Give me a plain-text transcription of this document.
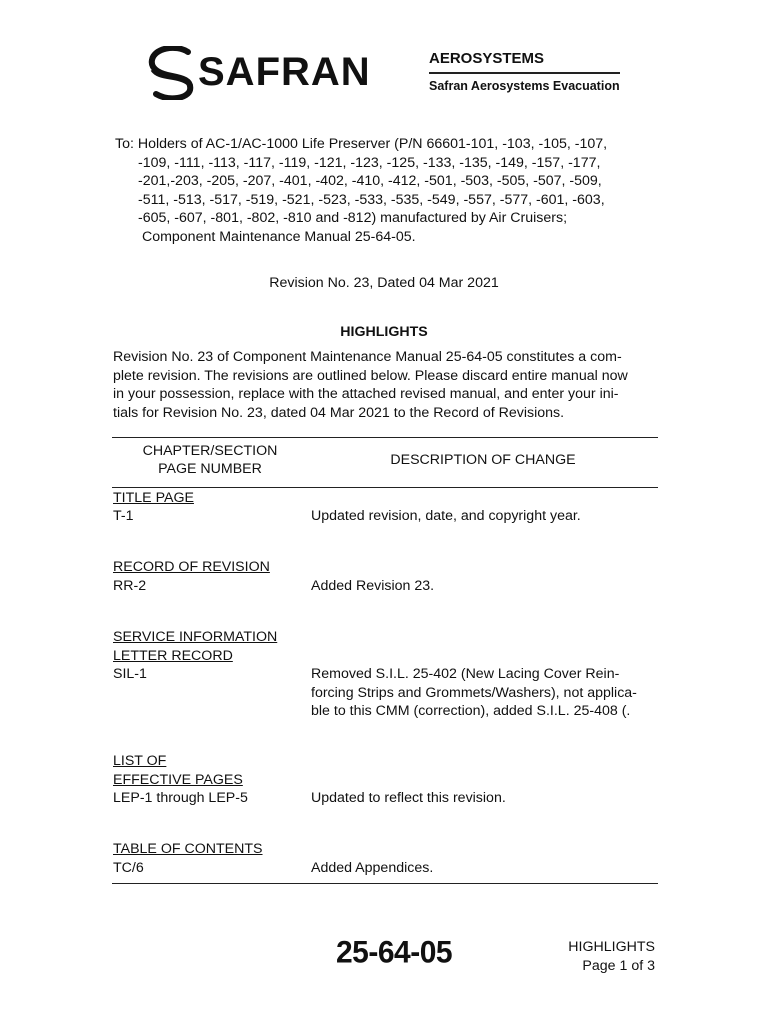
SAFRAN	AEROSYSTEMS
Safran Aerosystems Evacuation
To: Holders of AC-1/AC-1000 Life Preserver (P/N 66601-101, -103, -105, -107,
-109, -111, -113, -117, -119, -121, -123, -125, -133, -135, -149, -157, -177,
-201,-203, -205, -207, -401, -402, -410, -412, -501, -503, -505, -507, -509,
-511, -513, -517, -519, -521, -523, -533, -535, -549, -557, -577, -601, -603,
-605, -607, -801, -802, -810 and -812) manufactured by Air Cruisers;
Component Maintenance Manual 25-64-05.
Revision No. 23, Dated 04 Mar 2021
HIGHLIGHTS
Revision No. 23 of Component Maintenance Manual 25-64-05 constitutes a com-
plete revision. The revisions are outlined below. Please discard entire manual now
in your possession, replace with the attached revised manual, and enter your ini-
tials for Revision No. 23, dated 04 Mar 2021 to the Record of Revisions.
CHAPTER/SECTION
PAGE NUMBER
DESCRIPTION OF CHANGE
TITLE PAGE
T-1	Updated revision, date, and copyright year.
RECORD OF REVISION
RR-2	Added Revision 23.
SERVICE INFORMATION
LETTER RECORD
SIL-1	Removed S.I.L. 25-402 (New Lacing Cover Rein-
forcing Strips and Grommets/Washers), not applica-
ble to this CMM (correction), added S.I.L. 25-408 (.
LIST OF
EFFECTIVE PAGES
LEP-1 through LEP-5	Updated to reflect this revision.
TABLE OF CONTENTS
TC/6	Added Appendices.
25-64-05	HIGHLIGHTS
Page 1 of 3
